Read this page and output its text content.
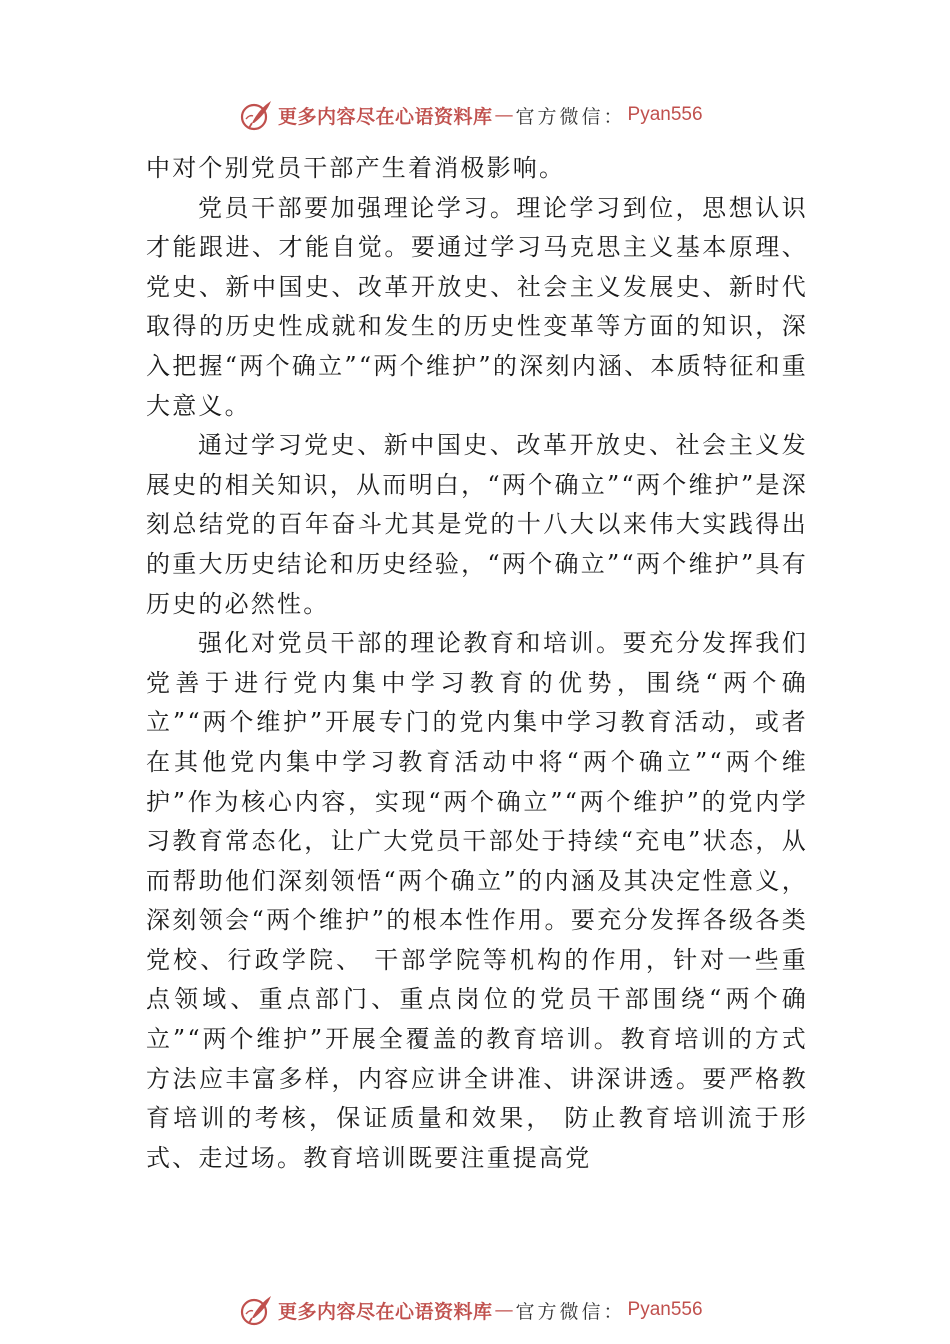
更多内容尽在心语资料库 — 官方微信： Pyan556

中对个别党员干部产生着消极影响。

党员干部要加强理论学习。理论学习到位，思想认识才能跟进、才能自觉。要通过学习马克思主义基本原理、党史、新中国史、改革开放史、社会主义发展史、新时代取得的历史性成就和发生的历史性变革等方面的知识，深入把握“两个确立”“两个维护”的深刻内涵、本质特征和重大意义。

通过学习党史、新中国史、改革开放史、社会主义发展史的相关知识，从而明白，“两个确立”“两个维护”是深刻总结党的百年奋斗尤其是党的十八大以来伟大实践得出的重大历史结论和历史经验，“两个确立”“两个维护”具有历史的必然性。

强化对党员干部的理论教育和培训。要充分发挥我们党善于进行党内集中学习教育的优势，围绕“两个确立”“两个维护”开展专门的党内集中学习教育活动，或者在其他党内集中学习教育活动中将“两个确立”“两个维护”作为核心内容，实现“两个确立”“两个维护”的党内学习教育常态化，让广大党员干部处于持续“充电”状态，从而帮助他们深刻领悟“两个确立”的内涵及其决定性意义，深刻领会“两个维护”的根本性作用。要充分发挥各级各类党校、行政学院、 干部学院等机构的作用，针对一些重点领域、重点部门、重点岗位的党员干部围绕“两个确立”“两个维护”开展全覆盖的教育培训。教育培训的方式方法应丰富多样，内容应讲全讲准、讲深讲透。要严格教育培训的考核，保证质量和效果， 防止教育培训流于形式、走过场。教育培训既要注重提高党

更多内容尽在心语资料库 — 官方微信： Pyan556
